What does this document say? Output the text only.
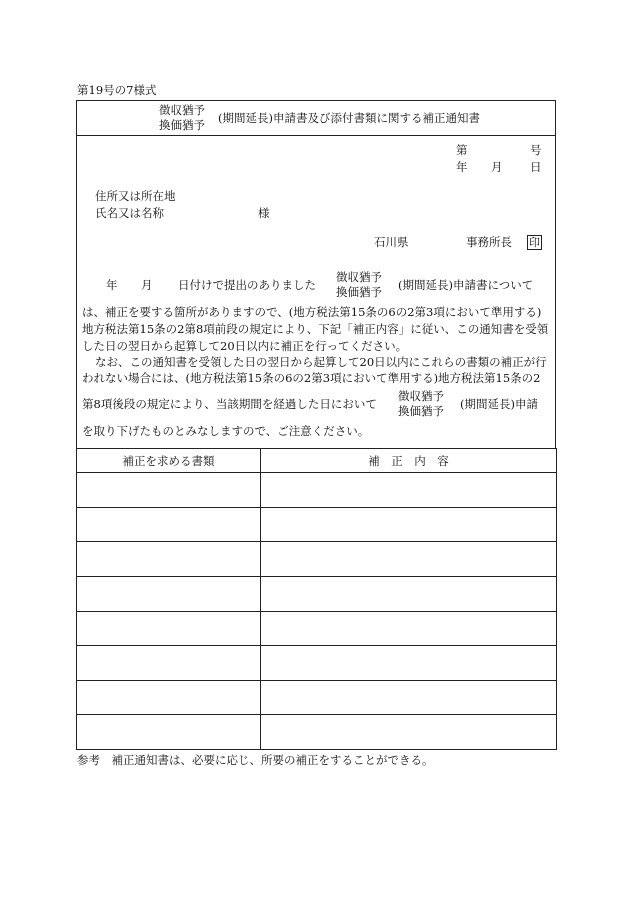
第19号の7様式
徴収猶予
換価猶予 (期間延長)申請書及び添付書類に関する補正通知書
第	号
年 月 日
住所又は所在地
氏名又は名称	様
石川県	事務所長 印
年 月 日付けで提出のありました
徴収猶予
換価猶予 (期間延長)申請書について
は、補正を要する箇所がありますので、(地方税法第15条の6の2第3項において準用する)
地方税法第15条の2第8項前段の規定により、下記「補正内容」に従い、この通知書を受領
した日の翌日から起算して20日以内に補正を行ってください。
なお、この通知書を受領した日の翌日から起算して20日以内にこれらの書類の補正が行
われない場合には、(地方税法第15条の6の2第3項において準用する)地方税法第15条の2
第8項後段の規定により、当該期間を経過した日において
徴収猶予
換価猶予 (期間延長)申請
を取り下げたものとみなしますので、ご注意ください。
補正を求める書類	補　正　内　容

参考　補正通知書は、必要に応じ、所要の補正をすることができる。
